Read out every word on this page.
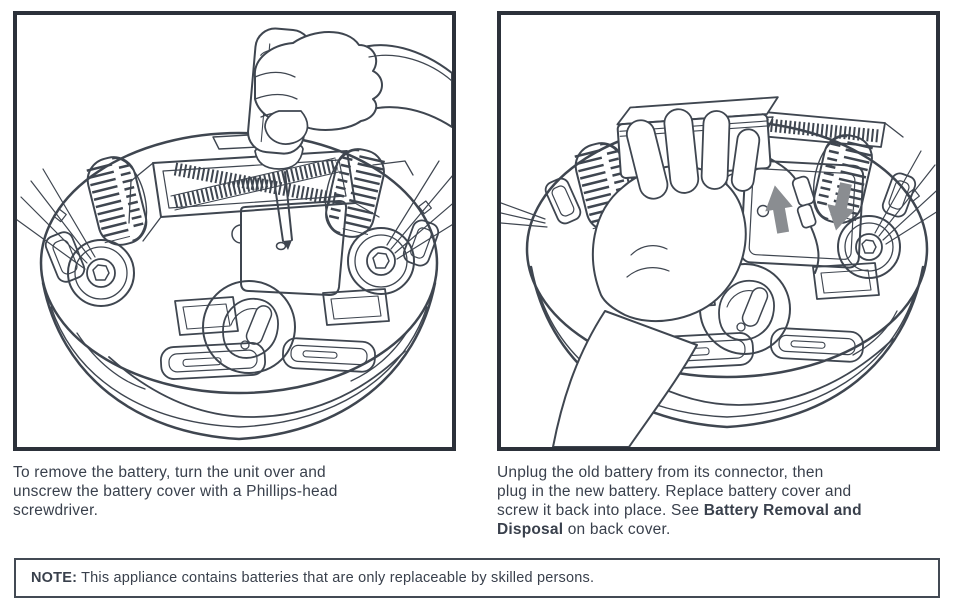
To remove the battery, turn the unit over and
unscrew the battery cover with a Phillips-head
screwdriver.

Unplug the old battery from its connector, then
plug in the new battery. Replace battery cover and
screw it back into place. See Battery Removal and
Disposal on back cover.

NOTE: This appliance contains batteries that are only replaceable by skilled persons.
